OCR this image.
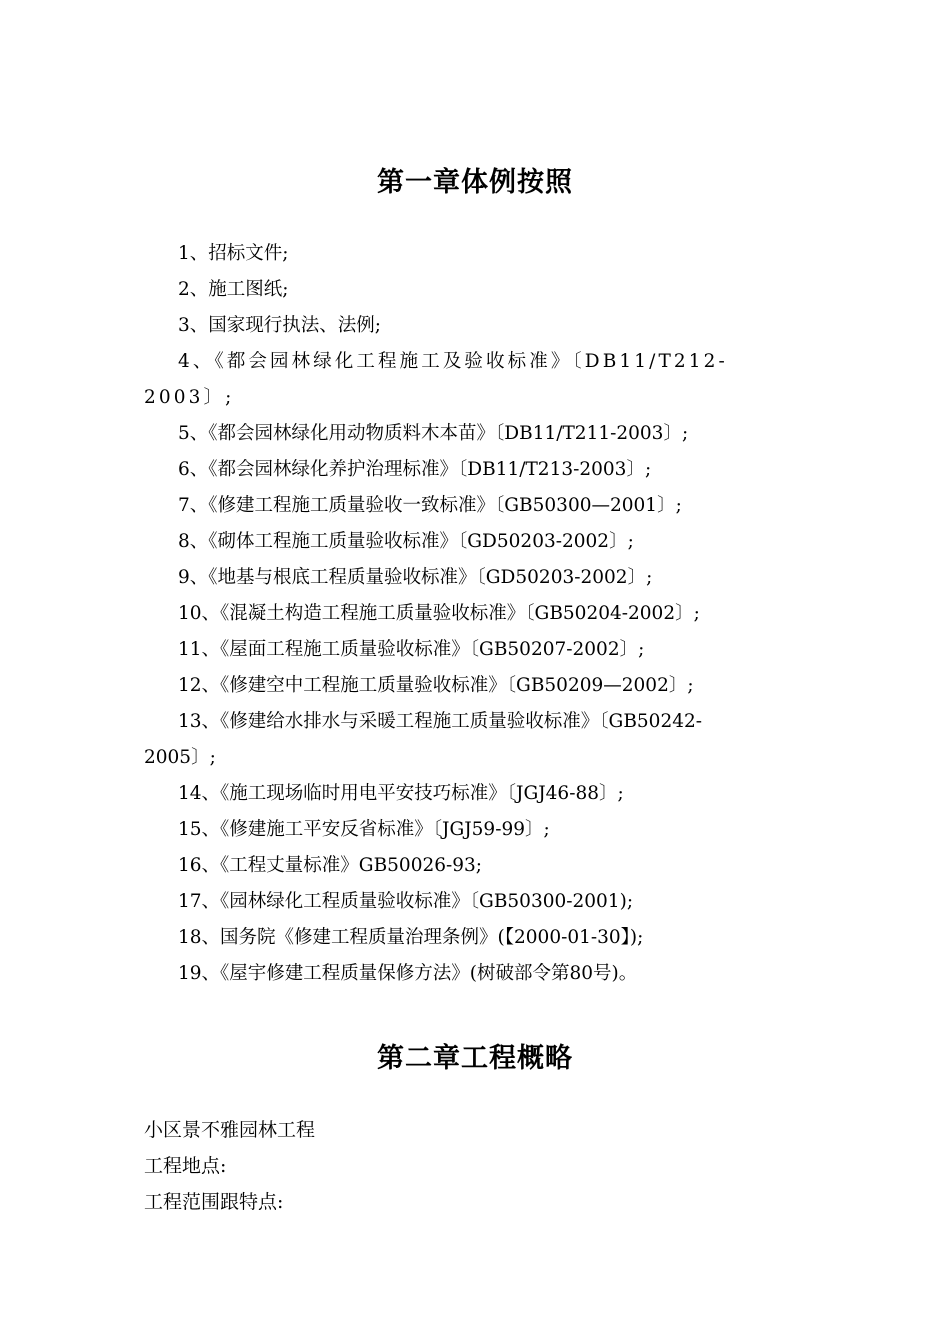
第一章体例按照
1、招标文件;
2、施工图纸;
3、国家现行执法、法例;
4、《都会园林绿化工程施工及验收标准》〔DB11/T212-
2003〕;
5、《都会园林绿化用动物质料木本苗》〔DB11/T211-2003〕;
6、《都会园林绿化养护治理标准》〔DB11/T213-2003〕;
7、《修建工程施工质量验收一致标准》〔GB50300—2001〕;
8、《砌体工程施工质量验收标准》〔GD50203-2002〕;
9、《地基与根底工程质量验收标准》〔GD50203-2002〕;
10、《混凝土构造工程施工质量验收标准》〔GB50204-2002〕;
11、《屋面工程施工质量验收标准》〔GB50207-2002〕;
12、《修建空中工程施工质量验收标准》〔GB50209—2002〕;
13、《修建给水排水与采暖工程施工质量验收标准》〔GB50242-
2005〕;
14、《施工现场临时用电平安技巧标准》〔JGJ46-88〕;
15、《修建施工平安反省标准》〔JGJ59-99〕;
16、《工程丈量标准》GB50026-93;
17、《园林绿化工程质量验收标准》〔GB50300-2001);
18、国务院《修建工程质量治理条例》(【2000-01-30】);
19、《屋宇修建工程质量保修方法》(树破部令第80号)。
第二章工程概略

小区景不雅园林工程

工程地点:

工程范围跟特点:
